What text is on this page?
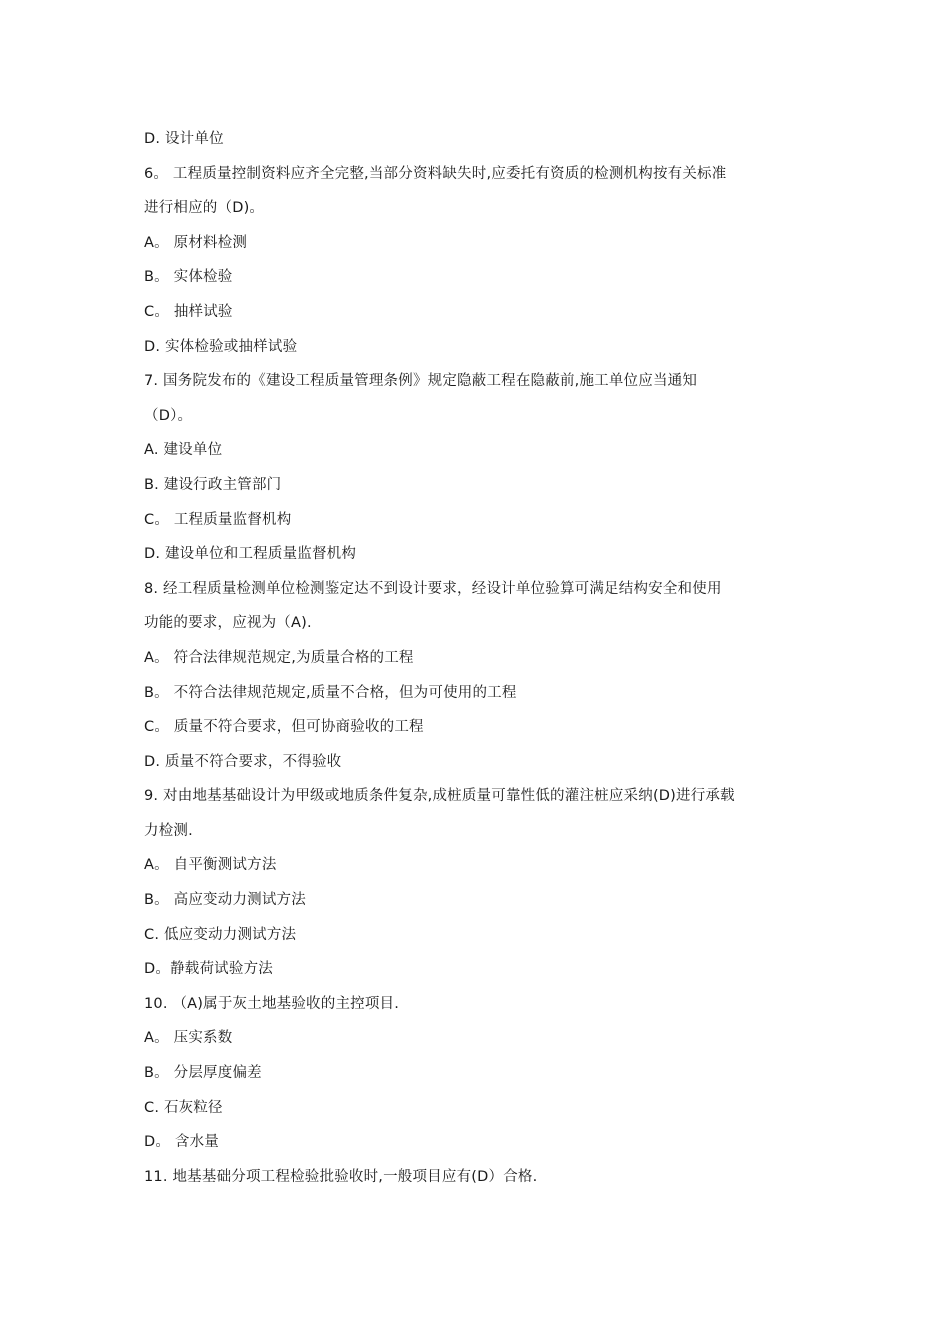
D. 设计单位
6。 工程质量控制资料应齐全完整,当部分资料缺失时,应委托有资质的检测机构按有关标准
进行相应的（D)。
A。 原材料检测
B。 实体检验
C。 抽样试验
D. 实体检验或抽样试验
7. 国务院发布的《建设工程质量管理条例》规定隐蔽工程在隐蔽前,施工单位应当通知
（D）。
A. 建设单位
B. 建设行政主管部门
C。 工程质量监督机构
D. 建设单位和工程质量监督机构
8. 经工程质量检测单位检测鉴定达不到设计要求，经设计单位验算可满足结构安全和使用
功能的要求，应视为（A).
A。 符合法律规范规定,为质量合格的工程
B。 不符合法律规范规定,质量不合格，但为可使用的工程
C。 质量不符合要求，但可协商验收的工程
D. 质量不符合要求，不得验收
9. 对由地基基础设计为甲级或地质条件复杂,成桩质量可靠性低的灌注桩应采纳(D)进行承载
力检测.
A。 自平衡测试方法
B。 高应变动力测试方法
C. 低应变动力测试方法
D。静载荷试验方法
10. （A)属于灰土地基验收的主控项目.
A。 压实系数
B。 分层厚度偏差
C. 石灰粒径
D。 含水量
11. 地基基础分项工程检验批验收时,一般项目应有(D）合格.
